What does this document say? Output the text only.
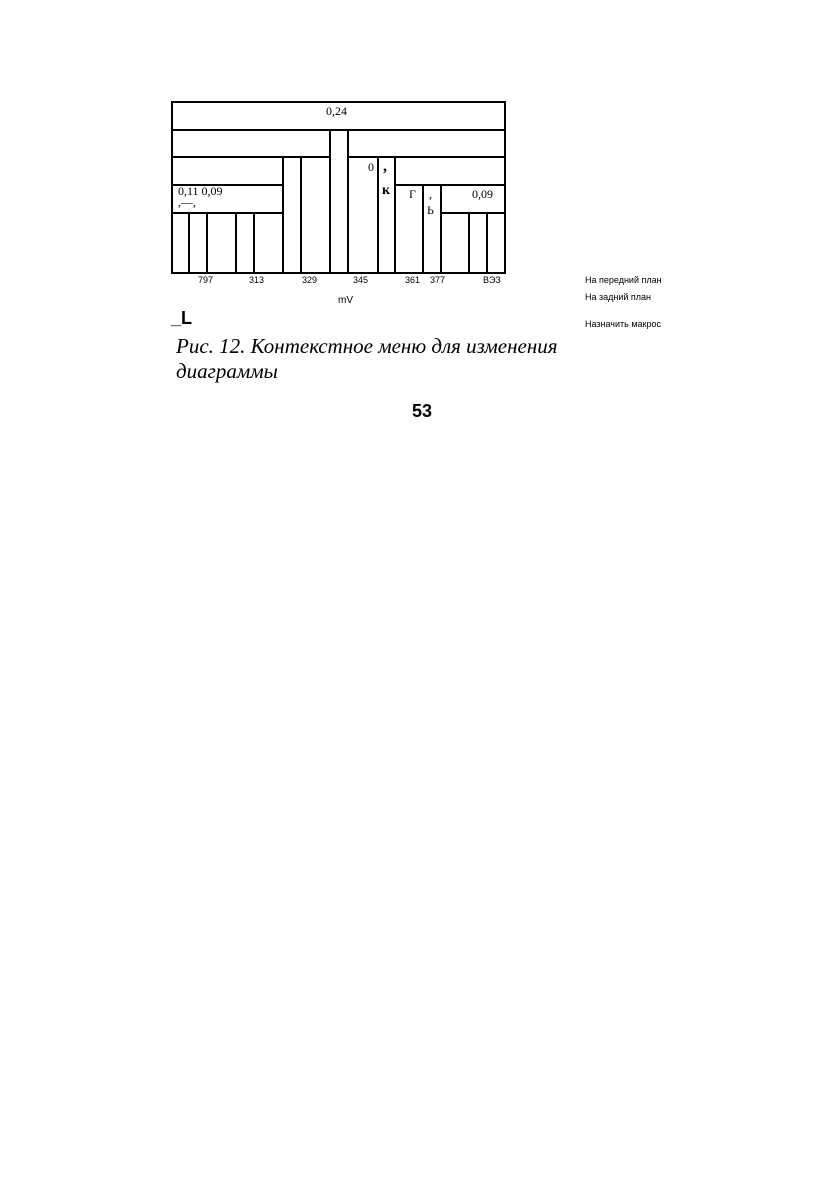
0,24
0,11 0,09
,—,
0 ,
к Г ,
Ь
0,09
797	313	329	345	361 377	ВЭЗ
mV
_L
На передний план
На задний план
Назначить макрос
Рис. 12. Контекстное меню для изменения диаграммы
53
